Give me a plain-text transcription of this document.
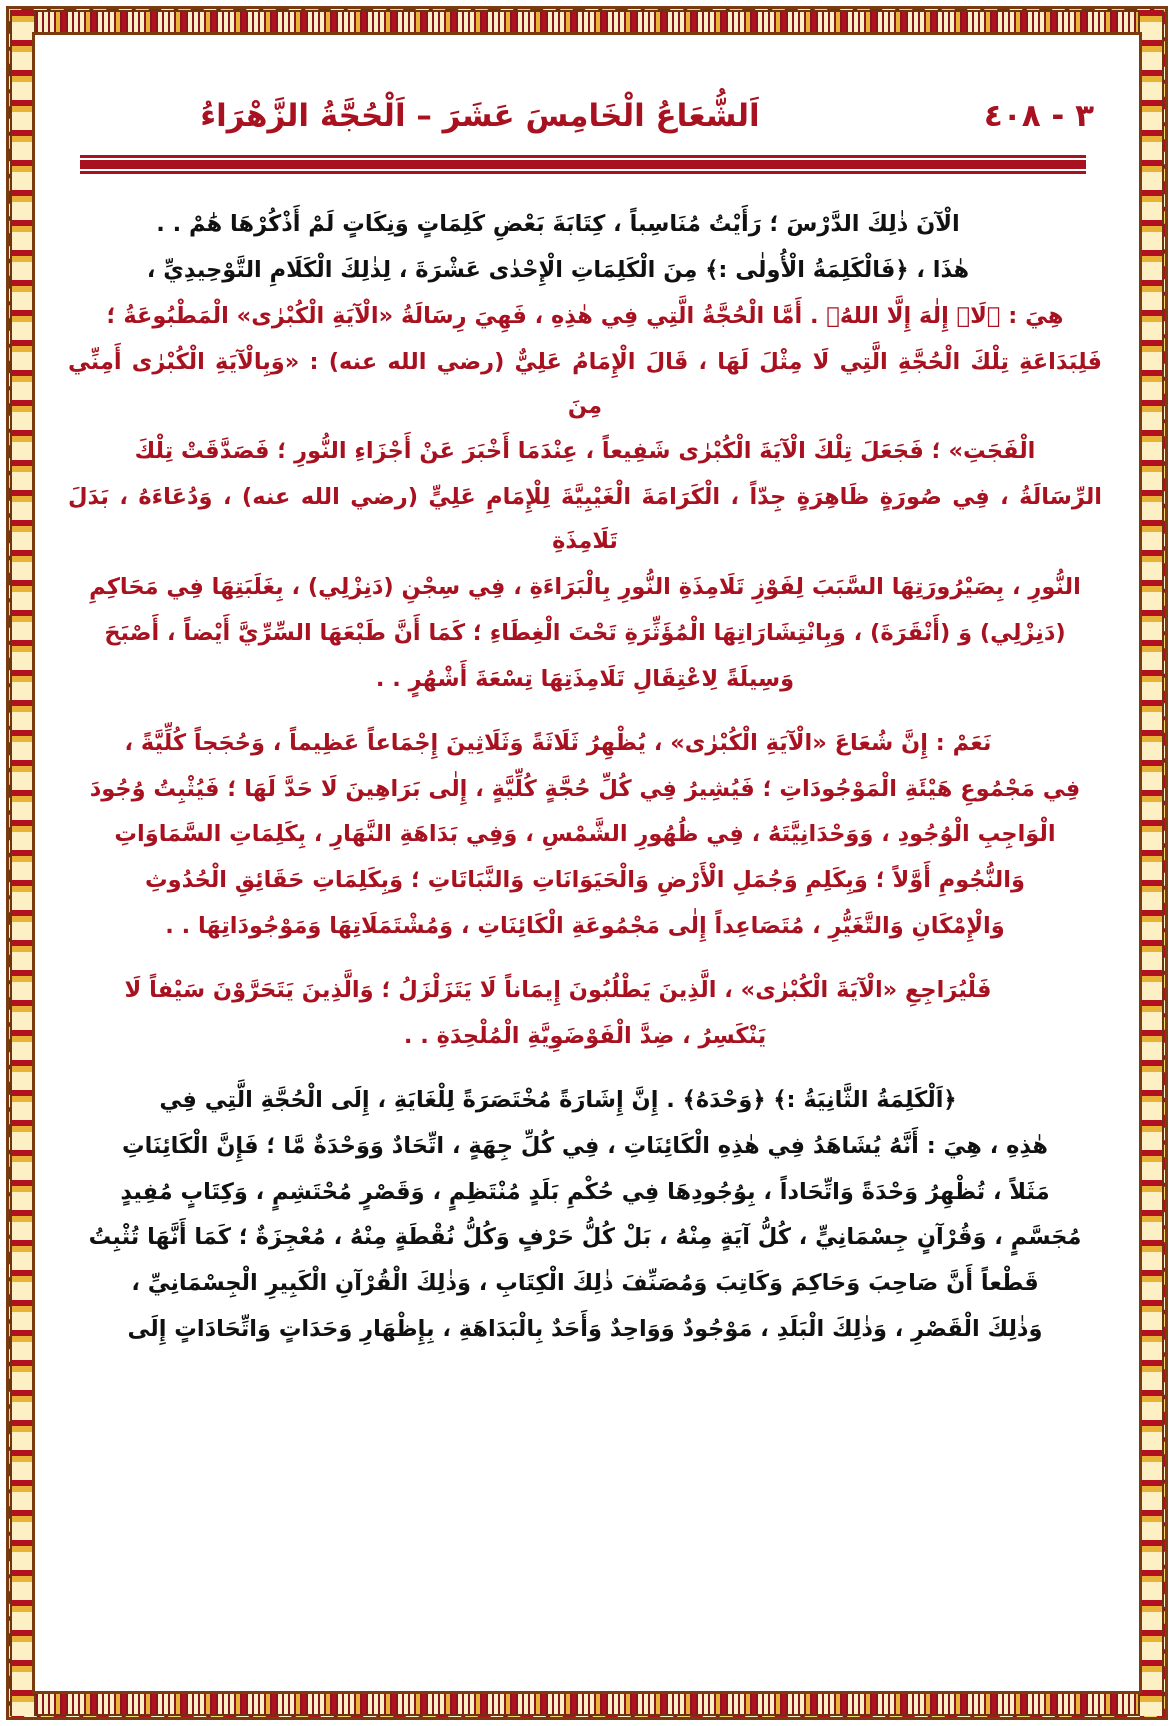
٣ - ٤٠٨
اَلشُّعَاعُ الْخَامِسَ عَشَرَ – اَلْحُجَّةُ الزَّهْرَاءُ

الْآنَ ذٰلِكَ الدَّرْسَ ؛ رَأَيْتُ مُنَاسِباً ، كِتَابَةَ بَعْضِ كَلِمَاتٍ وَنِكَاتٍ لَمْ أَذْكُرْهَا هَٰمْ . .

هٰذَا ، ﴿فَالْكَلِمَةُ الْأُولٰى :﴾ مِنَ الْكَلِمَاتِ الْإِحْدٰى عَشْرَةَ ، لِذٰلِكَ الْكَلَامِ التَّوْحِيدِيِّ ،

هِيَ : ﴿لَاۤ إِلٰهَ إِلَّا اللهُ﴾ . أَمَّا الْحُجَّةُ الَّتِي فِي هٰذِهِ ، فَهِيَ رِسَالَةُ «الْآيَةِ الْكُبْرٰى» الْمَطْبُوعَةُ ؛

فَلِبَدَاعَةِ تِلْكَ الْحُجَّةِ الَّتِي لَا مِثْلَ لَهَا ، قَالَ الْإِمَامُ عَلِيٌّ (رضي الله عنه) : «وَبِالْآيَةِ الْكُبْرٰى أَمِنِّي مِنَ

الْفَجَتِ» ؛ فَجَعَلَ تِلْكَ الْآيَةَ الْكُبْرٰى شَفِيعاً ، عِنْدَمَا أَخْبَرَ عَنْ أَجْزَاءِ النُّورِ ؛ فَصَدَّقَتْ تِلْكَ

الرِّسَالَةُ ، فِي صُورَةٍ ظَاهِرَةٍ جِدّاً ، الْكَرَامَةَ الْغَيْبِيَّةَ لِلْإِمَامِ عَلِيٍّ (رضي الله عنه) ، وَدُعَاءَهُ ، بَدَلَ تَلَامِذَةِ

النُّورِ ، بِصَيْرُورَتِهَا السَّبَبَ لِفَوْزِ تَلَامِذَةِ النُّورِ بِالْبَرَاءَةِ ، فِي سِجْنِ (دَنِزْلِي) ، بِغَلَبَتِهَا فِي مَحَاكِمِ

(دَنِزْلِي) وَ (أَنْقَرَةَ) ، وَبِانْتِشَارَاتِهَا الْمُؤَثِّرَةِ تَحْتَ الْغِطَاءِ ؛ كَمَا أَنَّ طَبْعَهَا السِّرِّيَّ أَيْضاً ، أَصْبَحَ

وَسِيلَةً لِاعْتِقَالِ تَلَامِذَتِهَا تِسْعَةَ أَشْهُرٍ . .

نَعَمْ : إِنَّ شُعَاعَ «الْآيَةِ الْكُبْرٰى» ، يُظْهِرُ ثَلَاثَةً وَثَلَاثِينَ إِجْمَاعاً عَظِيماً ، وَحُجَجاً كُلِّيَّةً ،

فِي مَجْمُوعِ هَيْئَةِ الْمَوْجُودَاتِ ؛ فَيُشِيرُ فِي كُلِّ حُجَّةٍ كُلِّيَّةٍ ، إِلٰى بَرَاهِينَ لَا حَدَّ لَهَا ؛ فَيُثْبِتُ وُجُودَ

الْوَاجِبِ الْوُجُودِ ، وَوَحْدَانِيَّتَهُ ، فِي ظُهُورِ الشَّمْسِ ، وَفِي بَدَاهَةِ النَّهَارِ ، بِكَلِمَاتِ السَّمَاوَاتِ

وَالنُّجُومِ أَوَّلاً ؛ وَبِكَلِمِ وَجُمَلِ الْأَرْضِ وَالْحَيَوَانَاتِ وَالنَّبَاتَاتِ ؛ وَبِكَلِمَاتِ حَقَائِقِ الْحُدُوثِ

وَالْإِمْكَانِ وَالتَّغَيُّرِ ، مُتَصَاعِداً إِلٰى مَجْمُوعَةِ الْكَائِنَاتِ ، وَمُشْتَمَلَاتِهَا وَمَوْجُودَاتِهَا . .

فَلْيُرَاجِعِ «الْآيَةَ الْكُبْرٰى» ، الَّذِينَ يَطْلُبُونَ إِيمَاناً لَا يَتَزَلْزَلُ ؛ وَالَّذِينَ يَتَحَرَّوْنَ سَيْفاً لَا

يَنْكَسِرُ ، ضِدَّ الْفَوْضَوِيَّةِ الْمُلْحِدَةِ . .

﴿اَلْكَلِمَةُ الثَّانِيَةُ :﴾ ﴿وَحْدَهُ﴾ . إِنَّ إِشَارَةً مُخْتَصَرَةً لِلْغَايَةِ ، إِلَى الْحُجَّةِ الَّتِي فِي

هٰذِهِ ، هِيَ : أَنَّهُ يُشَاهَدُ فِي هٰذِهِ الْكَائِنَاتِ ، فِي كُلِّ جِهَةٍ ، اتِّحَادٌ وَوَحْدَةٌ مَّا ؛ فَإِنَّ الْكَائِنَاتِ

مَثَلاً ، تُظْهِرُ وَحْدَةً وَاتِّحَاداً ، بِوُجُودِهَا فِي حُكْمِ بَلَدٍ مُنْتَظِمٍ ، وَقَصْرٍ مُحْتَشِمٍ ، وَكِتَابٍ مُفِيدٍ

مُجَسَّمٍ ، وَقُرْآنٍ جِسْمَانِيٍّ ، كُلُّ آيَةٍ مِنْهُ ، بَلْ كُلُّ حَرْفٍ وَكُلُّ نُقْطَةٍ مِنْهُ ، مُعْجِزَةٌ ؛ كَمَا أَنَّهَا تُثْبِتُ

قَطْعاً أَنَّ صَاحِبَ وَحَاكِمَ وَكَاتِبَ وَمُصَنِّفَ ذٰلِكَ الْكِتَابِ ، وَذٰلِكَ الْقُرْآنِ الْكَبِيرِ الْجِسْمَانِيِّ ،

وَذٰلِكَ الْقَصْرِ ، وَذٰلِكَ الْبَلَدِ ، مَوْجُودٌ وَوَاحِدٌ وَأَحَدٌ بِالْبَدَاهَةِ ، بِإِظْهَارِ وَحَدَاتٍ وَاتِّحَادَاتٍ إِلَى
